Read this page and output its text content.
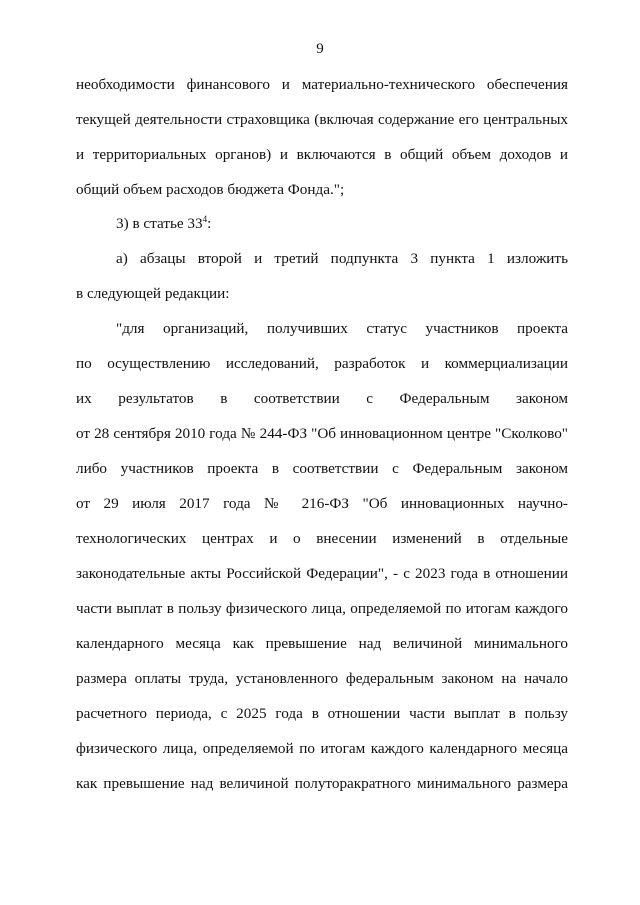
9
необходимости финансового и материально-технического обеспечения
текущей деятельности страховщика (включая содержание его центральных
и территориальных органов) и включаются в общий объем доходов и
общий объем расходов бюджета Фонда.";
3) в статье $33^4$:
а) абзацы второй и третий подпункта 3 пункта 1 изложить
в следующей редакции:
"для организаций, получивших статус участников проекта
по осуществлению исследований, разработок и коммерциализации
их результатов в соответствии с Федеральным законом
от 28 сентября 2010 года № 244-ФЗ "Об инновационном центре "Сколково"
либо участников проекта в соответствии с Федеральным законом
от 29 июля 2017 года № 216-ФЗ "Об инновационных научно-
технологических центрах и о внесении изменений в отдельные
законодательные акты Российской Федерации", - с 2023 года в отношении
части выплат в пользу физического лица, определяемой по итогам каждого
календарного месяца как превышение над величиной минимального
размера оплаты труда, установленного федеральным законом на начало
расчетного периода, с 2025 года в отношении части выплат в пользу
физического лица, определяемой по итогам каждого календарного месяца
как превышение над величиной полуторакратного минимального размера
